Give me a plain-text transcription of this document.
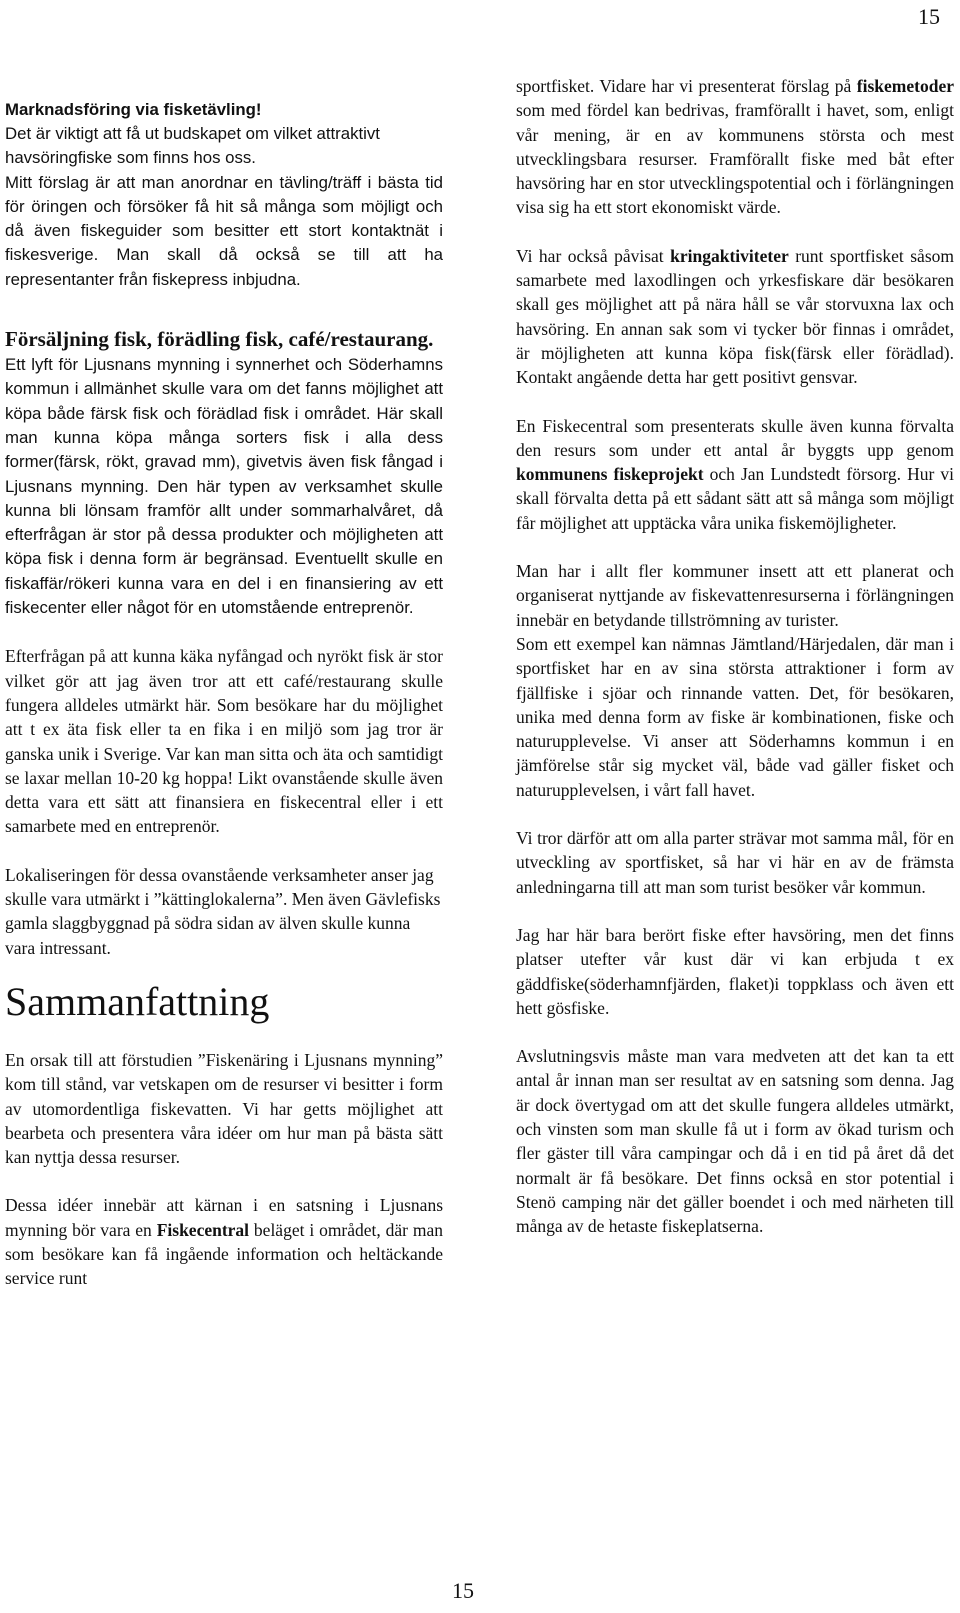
15
Marknadsföring via fisketävling!

Det är viktigt att få ut budskapet om vilket attraktivt havsöringfiske som finns hos oss.

Mitt förslag är att man anordnar en tävling/träff i bästa tid för öringen och försöker få hit så många som möjligt och då även fiskeguider som besitter ett stort kontaktnät i fiskesverige. Man skall då också se till att ha representanter från fiskepress inbjudna.

Försäljning fisk, förädling fisk, café/restaurang.

Ett lyft för Ljusnans mynning i synnerhet och Söderhamns kommun i allmänhet skulle vara om det fanns möjlighet att köpa både färsk fisk och förädlad fisk i området. Här skall man kunna köpa många sorters fisk i alla dess former(färsk, rökt, gravad mm), givetvis även fisk fångad i Ljusnans mynning. Den här typen av verksamhet skulle kunna bli lönsam framför allt under sommarhalvåret, då efterfrågan är stor på dessa produkter och möjligheten att köpa fisk i denna form är begränsad. Eventuellt skulle en fiskaffär/rökeri kunna vara en del i en finansiering av ett fiskecenter eller något för en utomstående entreprenör.

Efterfrågan på att kunna käka nyfångad och nyrökt fisk är stor vilket gör att jag även tror att ett café/restaurang skulle fungera alldeles utmärkt här. Som besökare har du möjlighet att t ex äta fisk eller ta en fika i en miljö som jag tror är ganska unik i Sverige. Var kan man sitta och äta och samtidigt se laxar mellan 10-20 kg hoppa! Likt ovanstående skulle även detta vara ett sätt att finansiera en fiskecentral eller i ett samarbete med en entreprenör.

Lokaliseringen för dessa ovanstående verksamheter anser jag skulle vara utmärkt i ”kättinglokalerna”. Men även Gävlefisks gamla slaggbyggnad på södra sidan av älven skulle kunna vara intressant.

Sammanfattning

En orsak till att förstudien ”Fiskenäring i Ljusnans mynning” kom till stånd, var vetskapen om de resurser vi besitter i form av utomordentliga fiskevatten. Vi har getts möjlighet att bearbeta och presentera våra idéer om hur man på bästa sätt kan nyttja dessa resurser.

Dessa idéer innebär att kärnan i en satsning i Ljusnans mynning bör vara en Fiskecentral beläget i området, där man som besökare kan få ingående information och heltäckande service runt

sportfisket. Vidare har vi presenterat förslag på fiskemetoder som med fördel kan bedrivas, framförallt i havet, som, enligt vår mening, är en av kommunens största och mest utvecklingsbara resurser. Framförallt fiske med båt efter havsöring har en stor utvecklingspotential och i förlängningen visa sig ha ett stort ekonomiskt värde.

Vi har också påvisat kringaktiviteter runt sportfisket såsom samarbete med laxodlingen och yrkesfiskare där besökaren skall ges möjlighet att på nära håll se vår storvuxna lax och havsöring. En annan sak som vi tycker bör finnas i området, är möjligheten att kunna köpa fisk(färsk eller förädlad). Kontakt angående detta har gett positivt gensvar.

En Fiskecentral som presenterats skulle även kunna förvalta den resurs som under ett antal år byggts upp genom kommunens fiskeprojekt och Jan Lundstedt försorg. Hur vi skall förvalta detta på ett sådant sätt att så många som möjligt får möjlighet att upptäcka våra unika fiskemöjligheter.

Man har i allt fler kommuner insett att ett planerat och organiserat nyttjande av fiskevattenresurserna i förlängningen innebär en betydande tillströmning av turister.

Som ett exempel kan nämnas Jämtland/Härjedalen, där man i sportfisket har en av sina största attraktioner i form av fjällfiske i sjöar och rinnande vatten. Det, för besökaren, unika med denna form av fiske är kombinationen, fiske och naturupplevelse. Vi anser att Söderhamns kommun i en jämförelse står sig mycket väl, både vad gäller fisket och naturupplevelsen, i vårt fall havet.

Vi tror därför att om alla parter strävar mot samma mål, för en utveckling av sportfisket, så har vi här en av de främsta anledningarna till att man som turist besöker vår kommun.

Jag har här bara berört fiske efter havsöring, men det finns platser utefter vår kust där vi kan erbjuda t ex gäddfiske(söderhamnfjärden, flaket)i toppklass och även ett hett gösfiske.

Avslutningsvis måste man vara medveten att det kan ta ett antal år innan man ser resultat av en satsning som denna. Jag är dock övertygad om att det skulle fungera alldeles utmärkt, och vinsten som man skulle få ut i form av ökad turism och fler gäster till våra campingar och då i en tid på året då det normalt är få besökare. Det finns också en stor potential i Stenö camping när det gäller boendet i och med närheten till många av de hetaste fiskeplatserna.

15
